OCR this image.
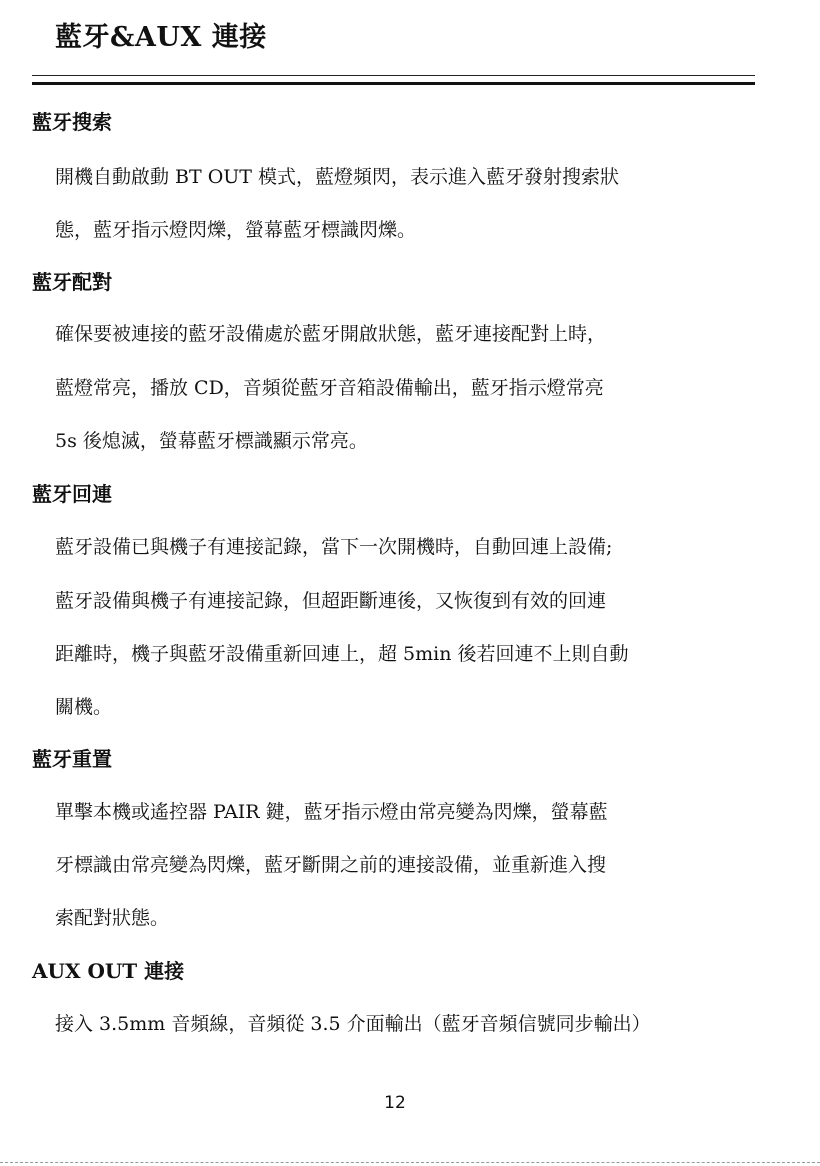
藍牙&AUX 連接
藍牙搜索
開機自動啟動 BT OUT 模式，藍燈頻閃，表示進入藍牙發射搜索狀
態，藍牙指示燈閃爍，螢幕藍牙標識閃爍。
藍牙配對
確保要被連接的藍牙設備處於藍牙開啟狀態，藍牙連接配對上時，
藍燈常亮，播放 CD，音頻從藍牙音箱設備輸出，藍牙指示燈常亮
5s 後熄滅，螢幕藍牙標識顯示常亮。
藍牙回連
藍牙設備已與機子有連接記錄，當下一次開機時，自動回連上設備;
藍牙設備與機子有連接記錄，但超距斷連後，又恢復到有效的回連
距離時，機子與藍牙設備重新回連上，超 5min 後若回連不上則自動
關機。
藍牙重置
單擊本機或遙控器 PAIR 鍵，藍牙指示燈由常亮變為閃爍，螢幕藍
牙標識由常亮變為閃爍，藍牙斷開之前的連接設備，並重新進入搜
索配對狀態。
AUX OUT 連接
接入 3.5mm 音頻線，音頻從 3.5 介面輸出（藍牙音頻信號同步輸出）
12
